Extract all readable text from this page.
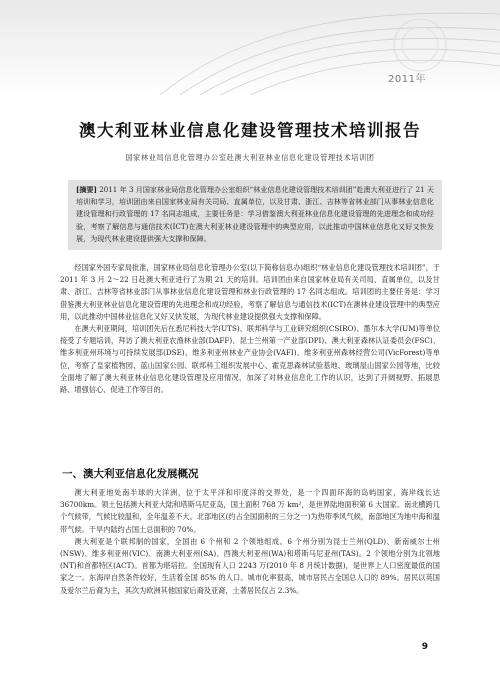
2011年
澳大利亚林业信息化建设管理技术培训报告
国家林业局信息化管理办公室赴澳大利亚林业信息化建设管理技术培训团
[摘要] 2011 年 3 月国家林业局信息化管理办公室组织“林业信息化建设管理技术培训团”赴澳大利亚进行了 21 天培训和学习，培训团由来自国家林业局有关司局、直属单位，以及甘肃、浙江、吉林等省林业部门从事林业信息化建设管理和行政管理的 17 名同志组成，主要任务是：学习借鉴澳大利亚林业信息化建设管理的先进理念和成功经验，考察了解信息与通信技术(ICT)在澳大利亚林业建设管理中的典型应用，以此推动中国林业信息化又好又快发展，为现代林业建设提供强大支撑和保障。

经国家外国专家局批准，国家林业局信息化管理办公室(以下简称信息办)组织“林业信息化建设管理技术培训团”，于 2011 年 3 月 2～22 日赴澳大利亚进行了为期 21 天的培训。培训团由来自国家林业局有关司局、直属单位，以及甘肃、浙江、吉林等省林业部门从事林业信息化建设管理和林业行政管理的 17 名同志组成。培训团的主要任务是：学习借鉴澳大利亚林业信息化建设管理的先进理念和成功经验，考察了解信息与通信技术(ICT)在澳林业建设管理中的典型应用，以此推动中国林业信息化又好又快发展，为现代林业建设提供强大支撑和保障。

在澳大利亚期间，培训团先后在悉尼科技大学(UTS)、联邦科学与工业研究组织(CSIRO)、墨尔本大学(UM)等单位接受了专题培训，拜访了澳大利亚农渔林业部(DAFF)、昆士兰州第一产业部(DPI)、澳大利亚森林认证委员会(FSC)、维多利亚州环境与可持续发展部(DSE)、维多利亚州林业产业协会(VAFI)、维多利亚州森林经营公司(VicForest)等单位，考察了皇家植物园、蓝山国家公园、联邦科工组织发展中心、霍克思森林试验基地、玻璃屋山国家公园等地，比较全面地了解了澳大利亚林业信息化建设管理及应用情况，加深了对林业信息化工作的认识，达到了开阔视野、拓展思路、增强信心、促进工作等目的。

一、澳大利亚信息化发展概况

澳大利亚地处南半球的大洋洲，位于太平洋和印度洋的交界处，是一个四面环海的岛屿国家，海岸线长达 36700km。领土包括澳大利亚大陆和塔斯马尼亚岛，国土面积 768 万 km²，是世界陆地面积第 6 大国家。南北横跨几个气候带，气候比较温和，全年温差不大。北部地区(约占全国面积的三分之一)为热带季风气候，南部地区为地中海和温带气候。干旱内陆约占国土总面积的 70%。

澳大利亚是个联邦制的国家，全国由 6 个州和 2 个领地组成。6 个州分别为昆士兰州(QLD)、新南威尔士州(NSW)、维多利亚州(VIC)、南澳大利亚州(SA)、西澳大利亚州(WA)和塔斯马尼亚州(TAS)。2 个领地分别为北领地(NT)和首都特区(ACT)。首都为堪培拉。全国现有人口 2243 万(2010 年 8 月统计数据)，是世界上人口密度最低的国家之一。东海岸自然条件较好，生活着全国 85% 的人口。城市化率很高，城市居民占全国总人口的 89%。居民以英国及爱尔兰后裔为主，其次为欧洲其他国家后裔及亚裔，土著居民仅占 2.3%。

9
